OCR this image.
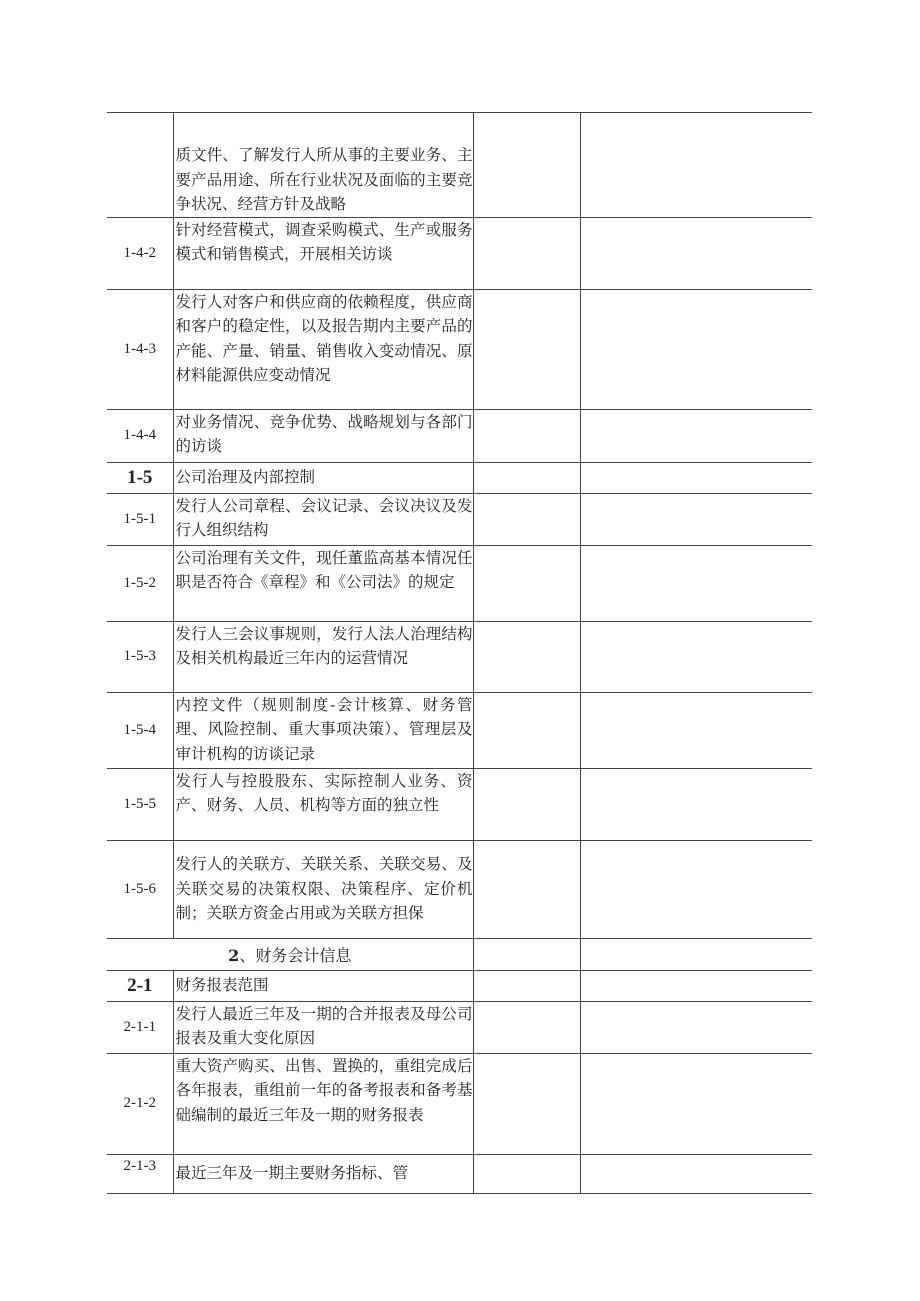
	质文件、了解发行人所从事的主要业务、主要产品用途、所在行业状况及面临的主要竞争状况、经营方针及战略		
1-4-2	针对经营模式，调查采购模式、生产或服务模式和销售模式，开展相关访谈		
1-4-3	发行人对客户和供应商的依赖程度，供应商和客户的稳定性，以及报告期内主要产品的产能、产量、销量、销售收入变动情况、原材料能源供应变动情况		
1-4-4	对业务情况、竞争优势、战略规划与各部门的访谈		
1-5	公司治理及内部控制		
1-5-1	发行人公司章程、会议记录、会议决议及发行人组织结构		
1-5-2	公司治理有关文件，现任董监高基本情况任职是否符合《章程》和《公司法》的规定		
1-5-3	发行人三会议事规则，发行人法人治理结构及相关机构最近三年内的运营情况		
1-5-4	内控文件（规则制度-会计核算、财务管理、风险控制、重大事项决策）、管理层及审计机构的访谈记录		
1-5-5	发行人与控股股东、实际控制人业务、资产、财务、人员、机构等方面的独立性		
1-5-6	发行人的关联方、关联关系、关联交易、及关联交易的决策权限、决策程序、定价机制；关联方资金占用或为关联方担保		
2、财务会计信息			
2-1	财务报表范围		
2-1-1	发行人最近三年及一期的合并报表及母公司报表及重大变化原因		
2-1-2	重大资产购买、出售、置换的，重组完成后各年报表，重组前一年的备考报表和备考基础编制的最近三年及一期的财务报表		
2-1-3	最近三年及一期主要财务指标、管		
